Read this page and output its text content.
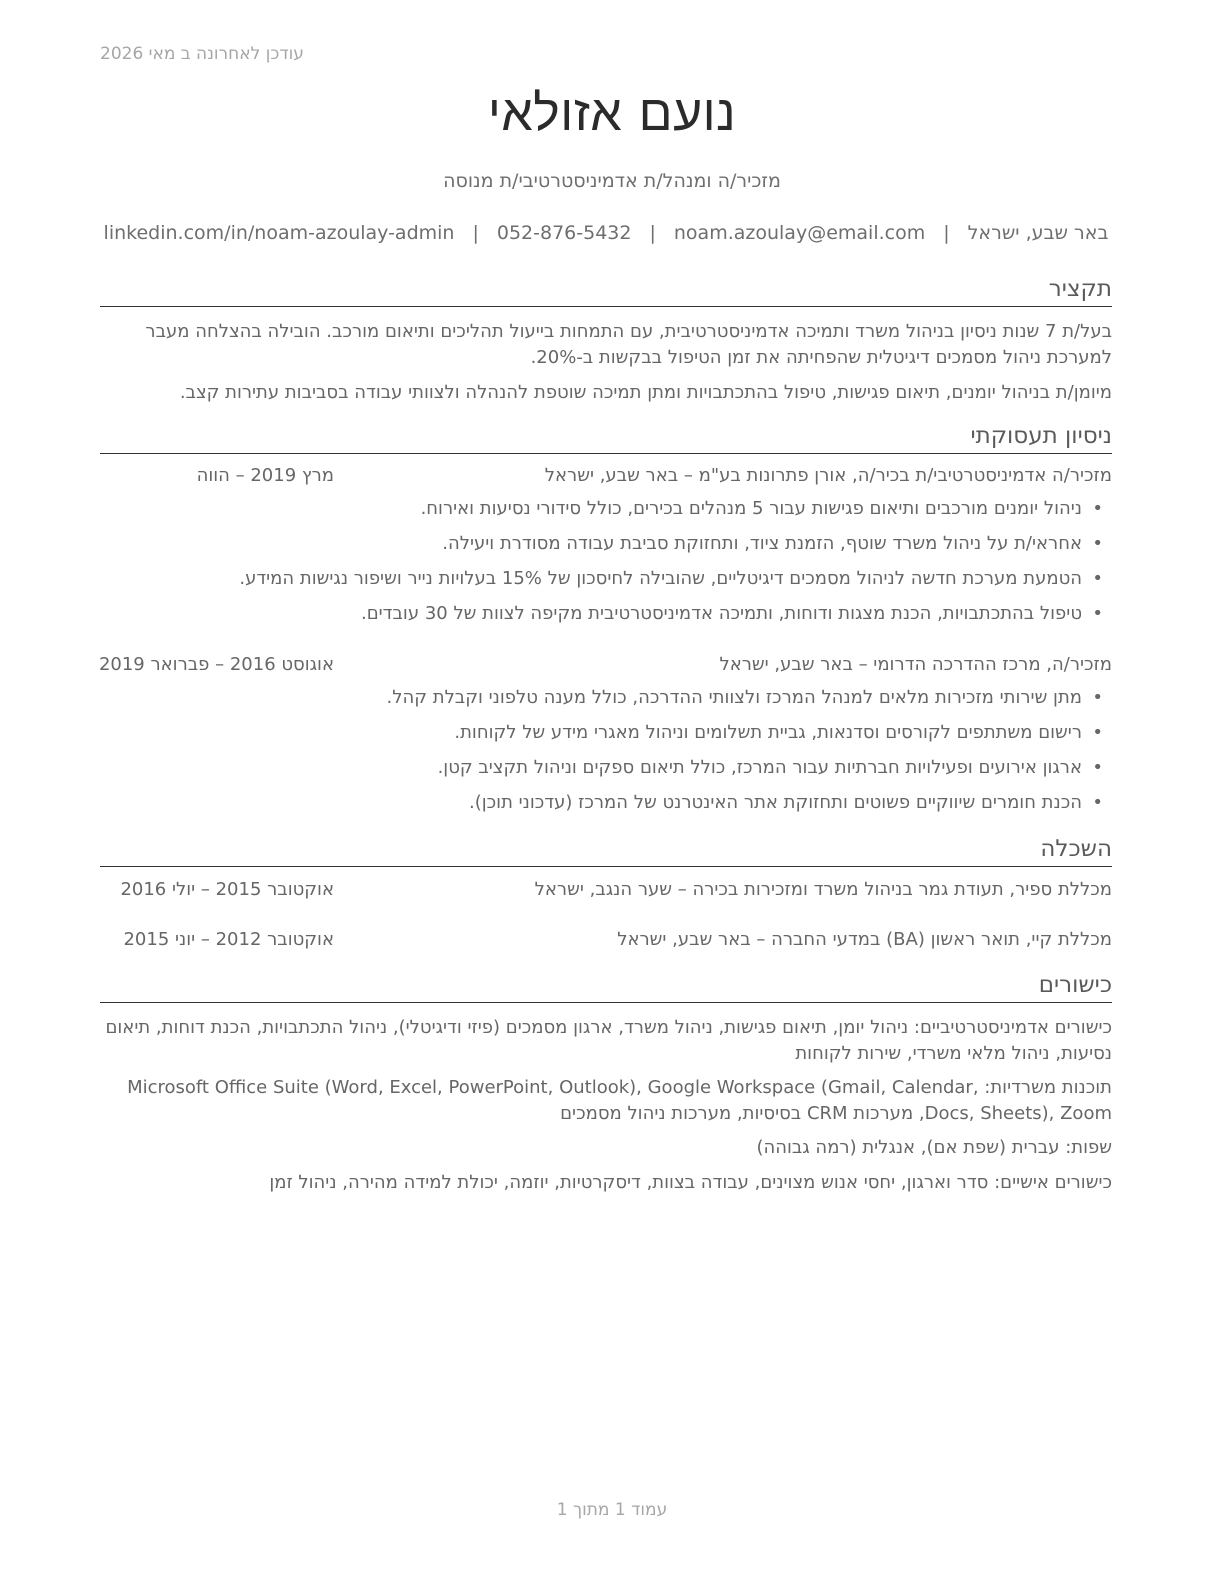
עודכן לאחרונה ב מאי 2026
נועם אזולאי
מזכיר/ה ומנהל/ת אדמיניסטרטיבי/ת מנוסה
באר שבע, ישראל|noam.azoulay@email.com|052-876-5432|linkedin.com/in/noam-azoulay-admin
תקציר
בעל/ת 7 שנות ניסיון בניהול משרד ותמיכה אדמיניסטרטיבית, עם התמחות בייעול תהליכים ותיאום מורכב. הובילה בהצלחה מעבר למערכת ניהול מסמכים דיגיטלית שהפחיתה את זמן הטיפול בבקשות ב-20%.
מיומן/ת בניהול יומנים, תיאום פגישות, טיפול בהתכתבויות ומתן תמיכה שוטפת להנהלה ולצוותי עבודה בסביבות עתירות קצב.
ניסיון תעסוקתי
מזכיר/ה אדמיניסטרטיבי/ת בכיר/ה, אורן פתרונות בע"מ – באר שבע, ישראל
מרץ 2019 – הווה
• ניהול יומנים מורכבים ותיאום פגישות עבור 5 מנהלים בכירים, כולל סידורי נסיעות ואירוח.
• אחראי/ת על ניהול משרד שוטף, הזמנת ציוד, ותחזוקת סביבת עבודה מסודרת ויעילה.
• הטמעת מערכת חדשה לניהול מסמכים דיגיטליים, שהובילה לחיסכון של 15% בעלויות נייר ושיפור נגישות המידע.
• טיפול בהתכתבויות, הכנת מצגות ודוחות, ותמיכה אדמיניסטרטיבית מקיפה לצוות של 30 עובדים.
מזכיר/ה, מרכז ההדרכה הדרומי – באר שבע, ישראל
אוגוסט 2016 – פברואר 2019
• מתן שירותי מזכירות מלאים למנהל המרכז ולצוותי ההדרכה, כולל מענה טלפוני וקבלת קהל.
• רישום משתתפים לקורסים וסדנאות, גביית תשלומים וניהול מאגרי מידע של לקוחות.
• ארגון אירועים ופעילויות חברתיות עבור המרכז, כולל תיאום ספקים וניהול תקציב קטן.
• הכנת חומרים שיווקיים פשוטים ותחזוקת אתר האינטרנט של המרכז (עדכוני תוכן).
השכלה
מכללת ספיר, תעודת גמר בניהול משרד ומזכירות בכירה – שער הנגב, ישראל
אוקטובר 2015 – יולי 2016
מכללת קיי, תואר ראשון (BA) במדעי החברה – באר שבע, ישראל
אוקטובר 2012 – יוני 2015
כישורים
כישורים אדמיניסטרטיביים: ניהול יומן, תיאום פגישות, ניהול משרד, ארגון מסמכים (פיזי ודיגיטלי), ניהול התכתבויות, הכנת דוחות, תיאום נסיעות, ניהול מלאי משרדי, שירות לקוחות
תוכנות משרדיות: Microsoft Office Suite (Word, Excel, PowerPoint, Outlook), Google Workspace (Gmail, Calendar, Docs, Sheets), Zoom, מערכות CRM בסיסיות, מערכות ניהול מסמכים
שפות: עברית (שפת אם), אנגלית (רמה גבוהה)
כישורים אישיים: סדר וארגון, יחסי אנוש מצוינים, עבודה בצוות, דיסקרטיות, יוזמה, יכולת למידה מהירה, ניהול זמן
עמוד 1 מתוך 1
